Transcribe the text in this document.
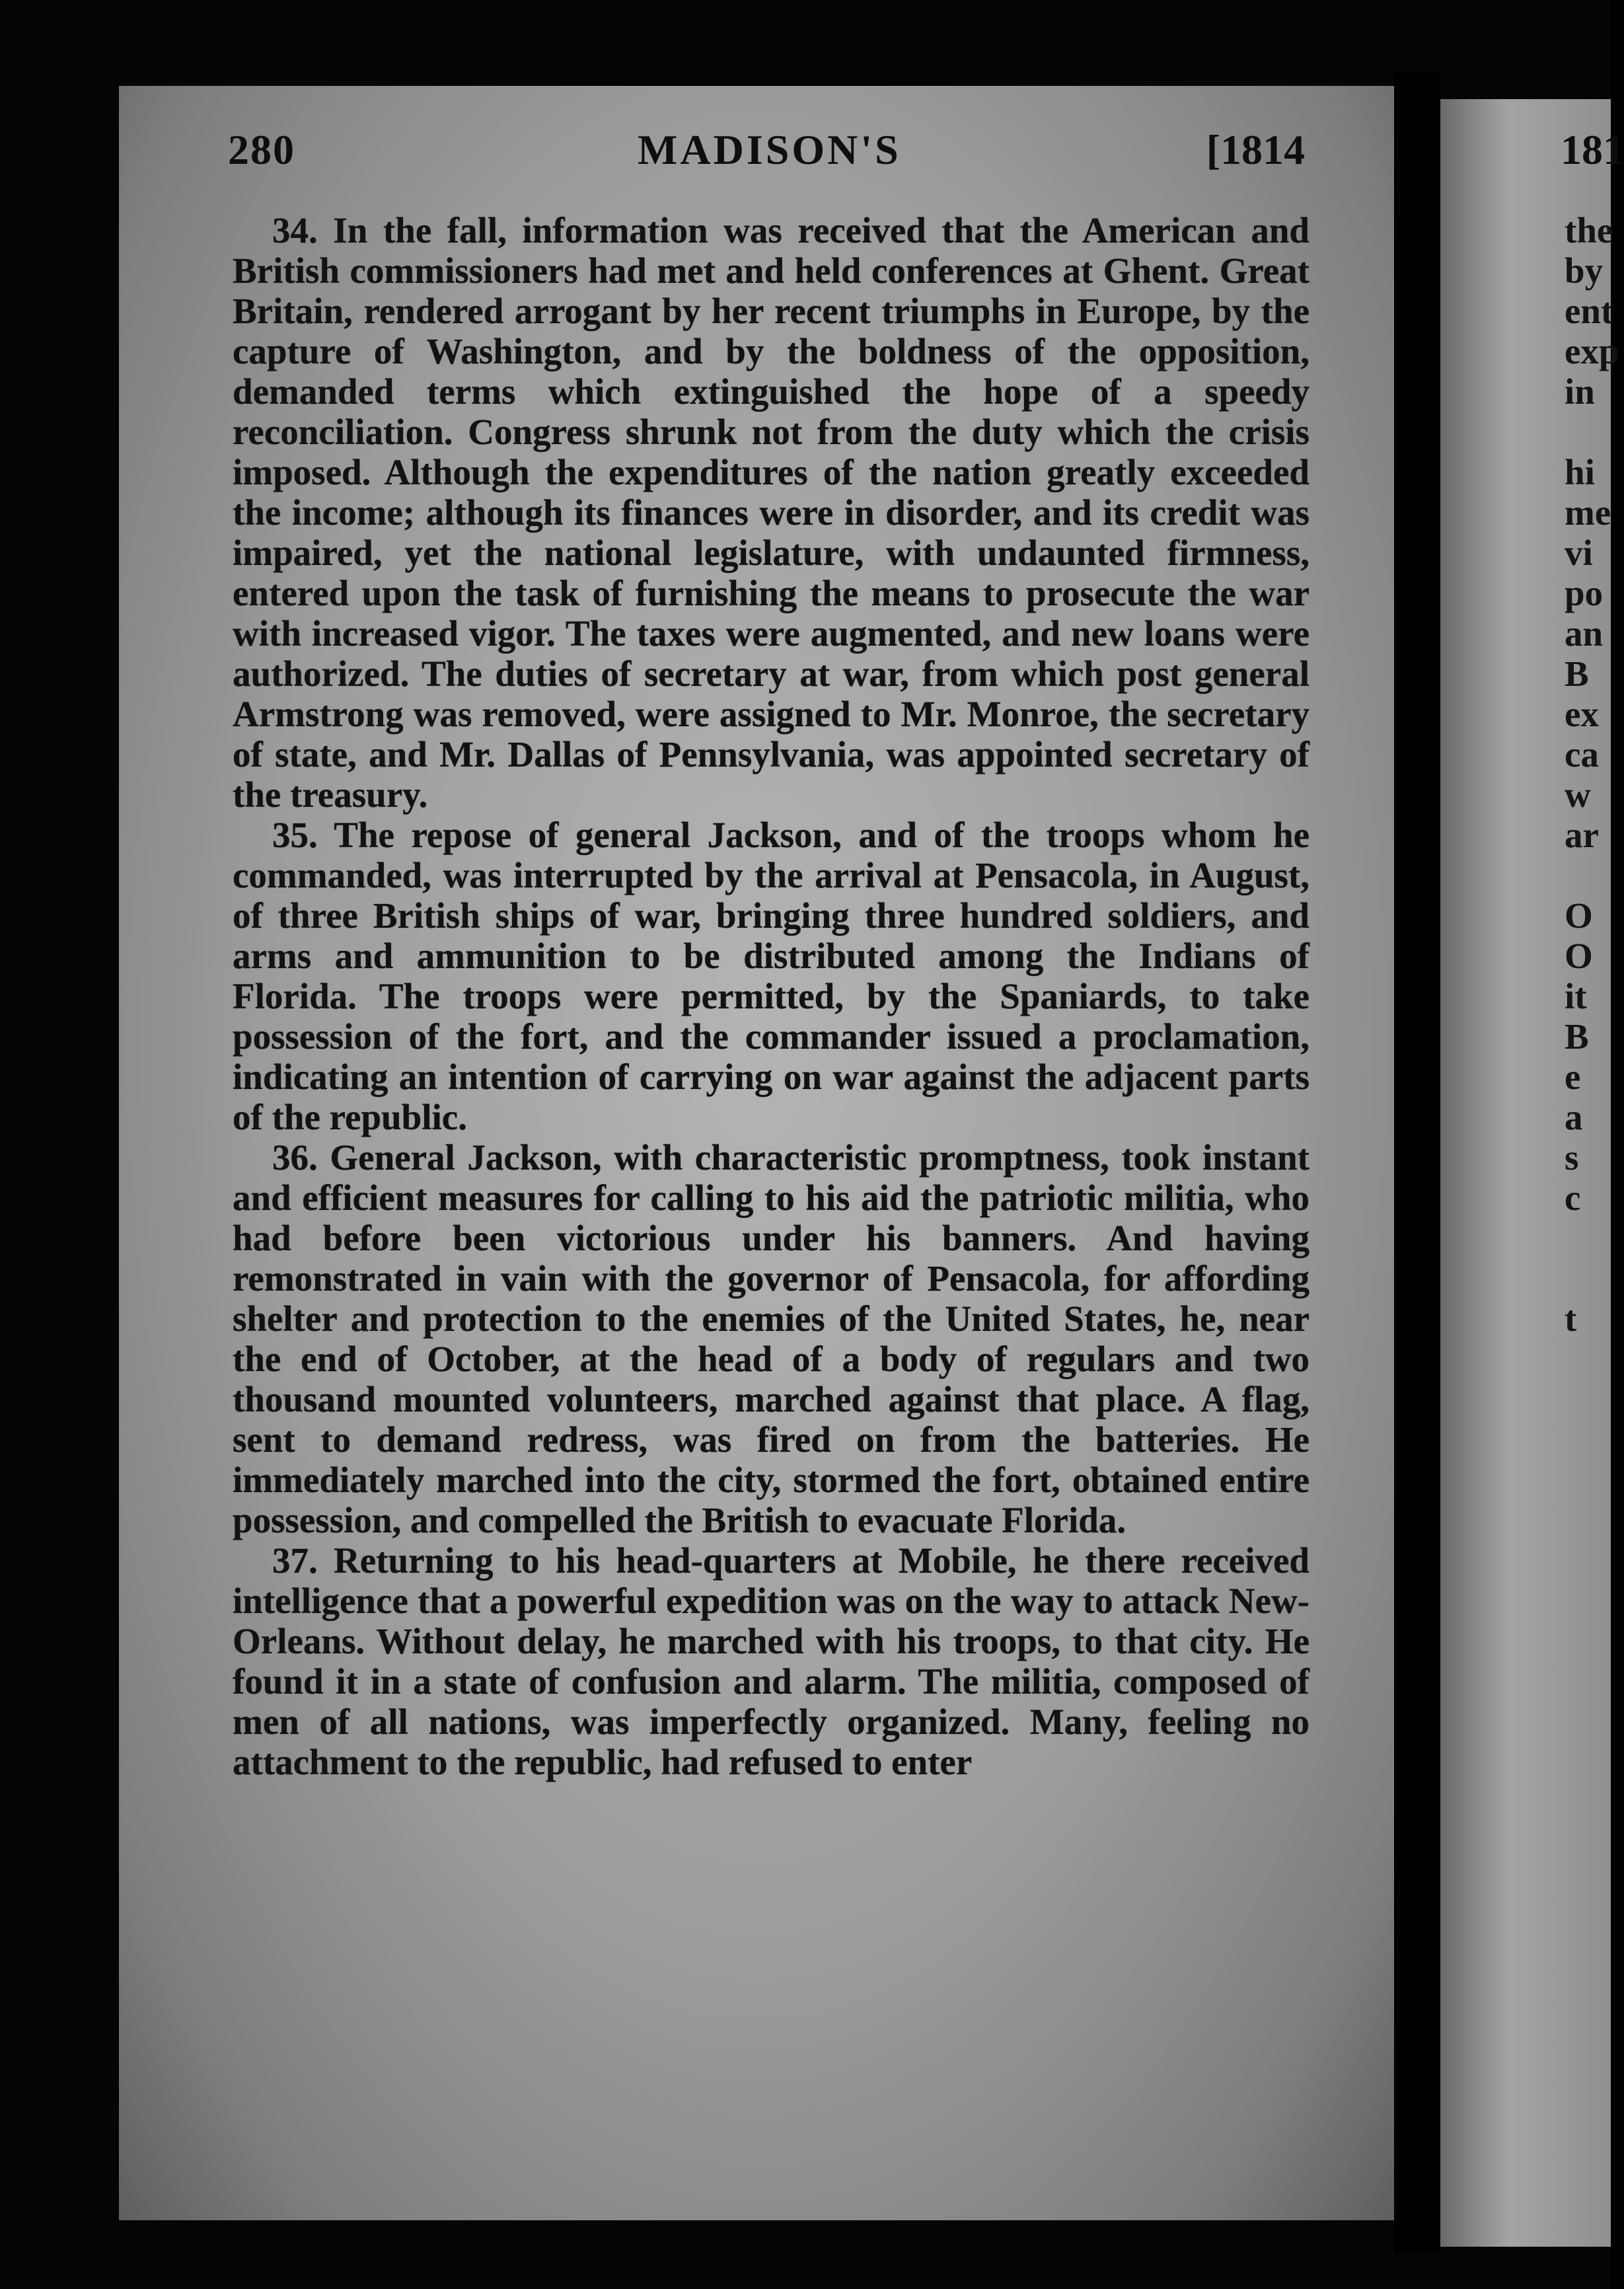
280	MADISON'S	[1814

34. In the fall, information was received that the American and British commissioners had met and held conferences at Ghent. Great Britain, rendered arrogant by her recent triumphs in Europe, by the capture of Washington, and by the boldness of the opposition, demanded terms which extinguished the hope of a speedy reconciliation. Congress shrunk not from the duty which the crisis imposed. Although the expenditures of the nation greatly exceeded the income; although its finances were in disorder, and its credit was impaired, yet the national legislature, with undaunted firmness, entered upon the task of furnishing the means to prosecute the war with increased vigor. The taxes were augmented, and new loans were authorized. The duties of secretary at war, from which post general Armstrong was removed, were assigned to Mr. Monroe, the secretary of state, and Mr. Dallas of Pennsylvania, was appointed secretary of the treasury.

35. The repose of general Jackson, and of the troops whom he commanded, was interrupted by the arrival at Pensacola, in August, of three British ships of war, bringing three hundred soldiers, and arms and ammunition to be distributed among the Indians of Florida. The troops were permitted, by the Spaniards, to take possession of the fort, and the commander issued a proclamation, indicating an intention of carrying on war against the adjacent parts of the republic.

36. General Jackson, with characteristic promptness, took instant and efficient measures for calling to his aid the patriotic militia, who had before been victorious under his banners. And having remonstrated in vain with the governor of Pensacola, for affording shelter and protection to the enemies of the United States, he, near the end of October, at the head of a body of regulars and two thousand mounted volunteers, marched against that place. A flag, sent to demand redress, was fired on from the batteries. He immediately marched into the city, stormed the fort, obtained entire possession, and compelled the British to evacuate Florida.

37. Returning to his head-quarters at Mobile, he there received intelligence that a powerful expedition was on the way to attack New-Orleans. Without delay, he marched with his troops, to that city. He found it in a state of confusion and alarm. The militia, composed of men of all nations, was imperfectly organized. Many, feeling no attachment to the republic, had refused to enter

181
the
by
ent
exp
in
hi
me
vi
po
an
B
ex
ca
w
ar
O
O
it
B
e
a
s
c
t
